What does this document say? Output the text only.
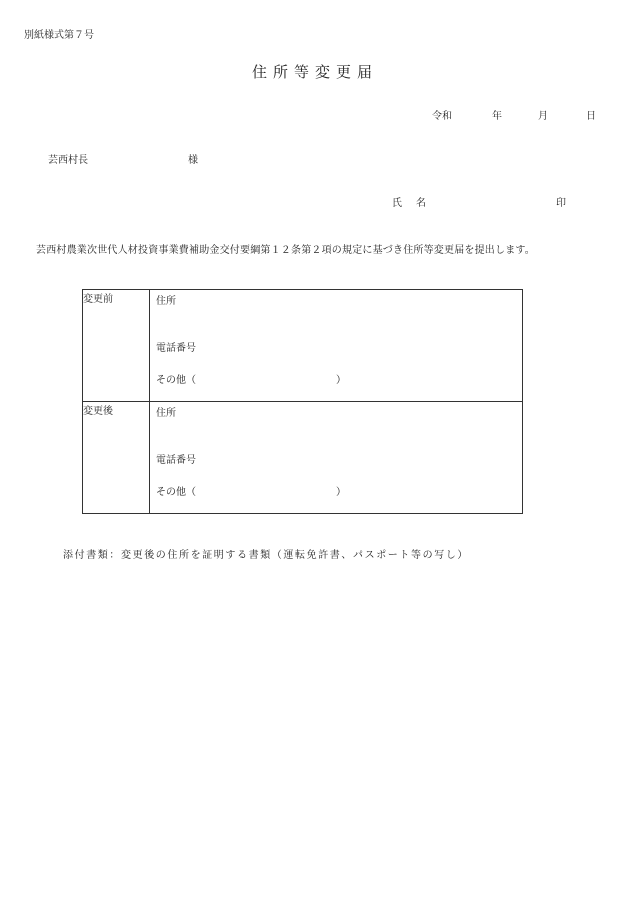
別紙様式第７号
住所等変更届
令和	年	月	日
芸西村長	様
氏名	印
芸西村農業次世代人材投資事業費補助金交付要綱第１２条第２項の規定に基づき住所等変更届を提出します。
変更前	住所
電話番号
その他（ ）

変更後	住所
電話番号
その他（ ）
添付書類：変更後の住所を証明する書類（運転免許書、パスポート等の写し）
